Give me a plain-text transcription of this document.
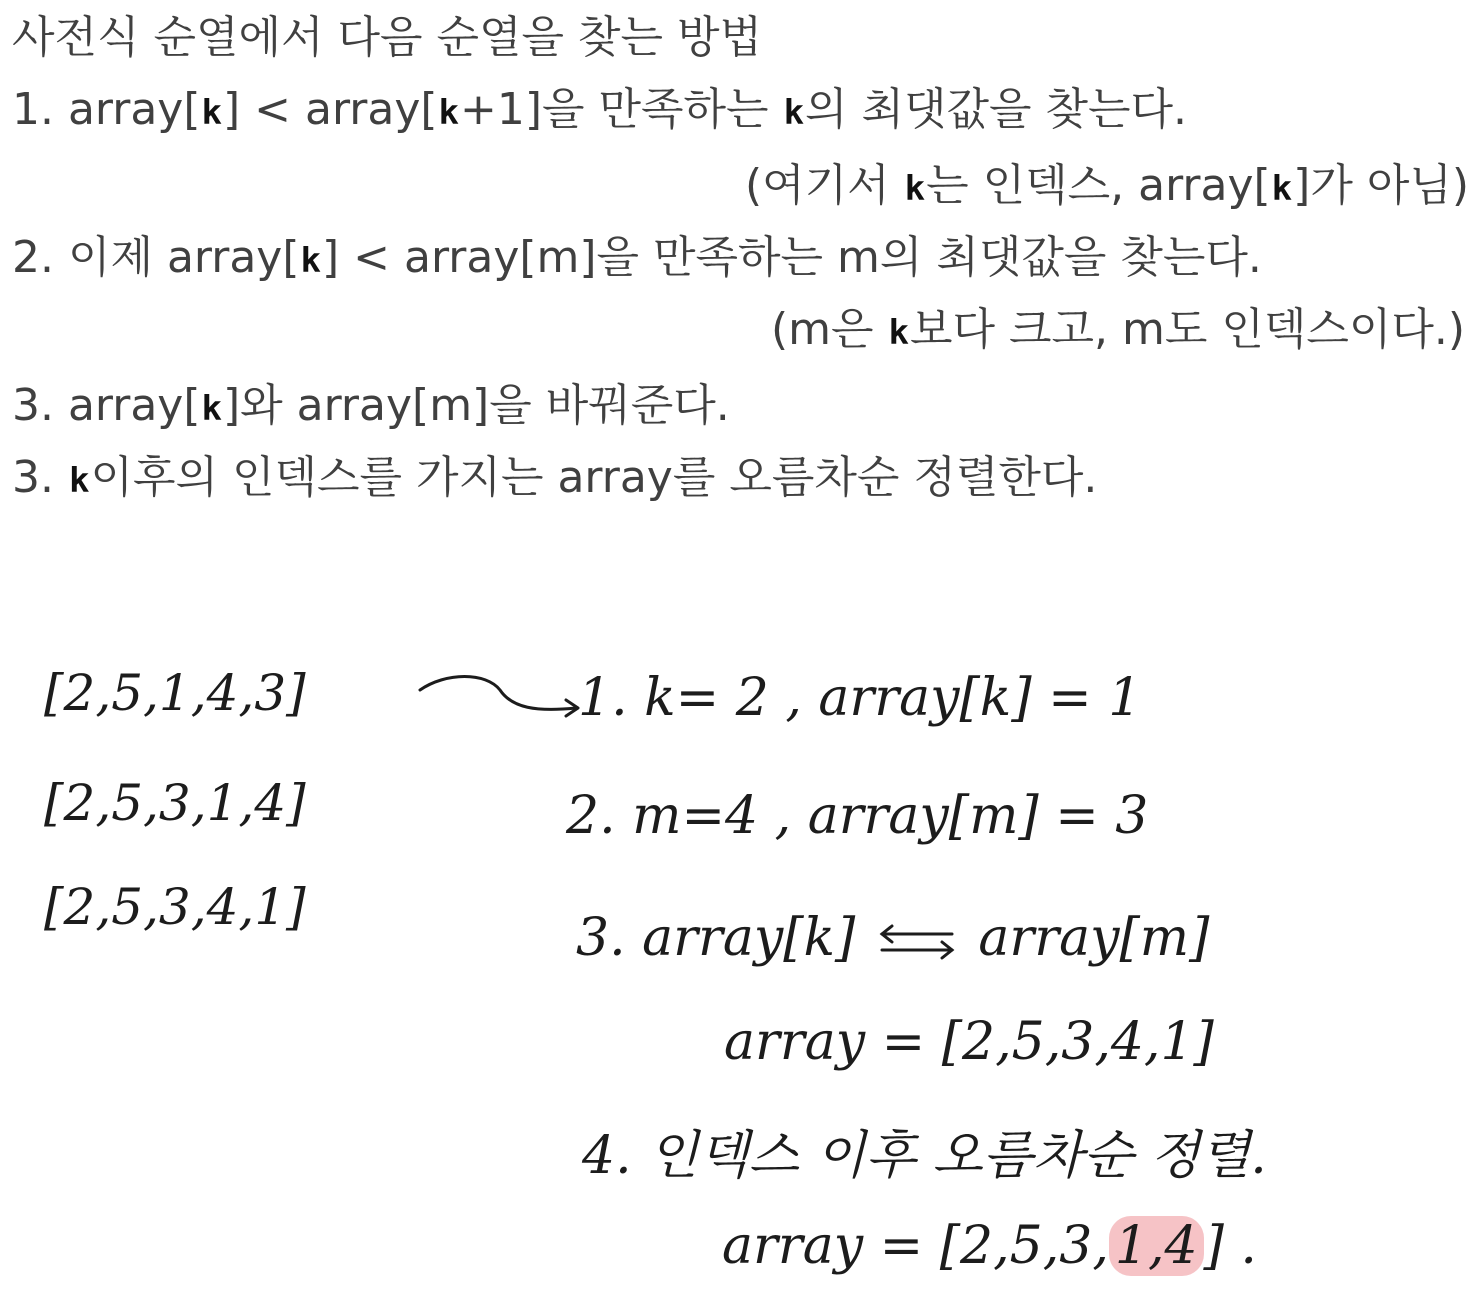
사전식 순열에서 다음 순열을 찾는 방법
1. array[k] < array[k+1]을 만족하는 k의 최댓값을 찾는다.
(여기서 k는 인덱스, array[k]가 아님)
2. 이제 array[k] < array[m]을 만족하는 m의 최댓값을 찾는다.
(m은 k보다 크고, m도 인덱스이다.)
3. array[k]와 array[m]을 바꿔준다.
3. k이후의 인덱스를 가지는 array를 오름차순 정렬한다.
[2,5,1,4,3]
[2,5,3,1,4]
[2,5,3,4,1]
1. k= 2 , array[k] = 1
2. m=4 , array[m] = 3
3. array[k] array[m]
array = [2,5,3,4,1]
4. 인덱스 이후 오름차순 정렬.
array = [2,5,3, 1,4 ] .
